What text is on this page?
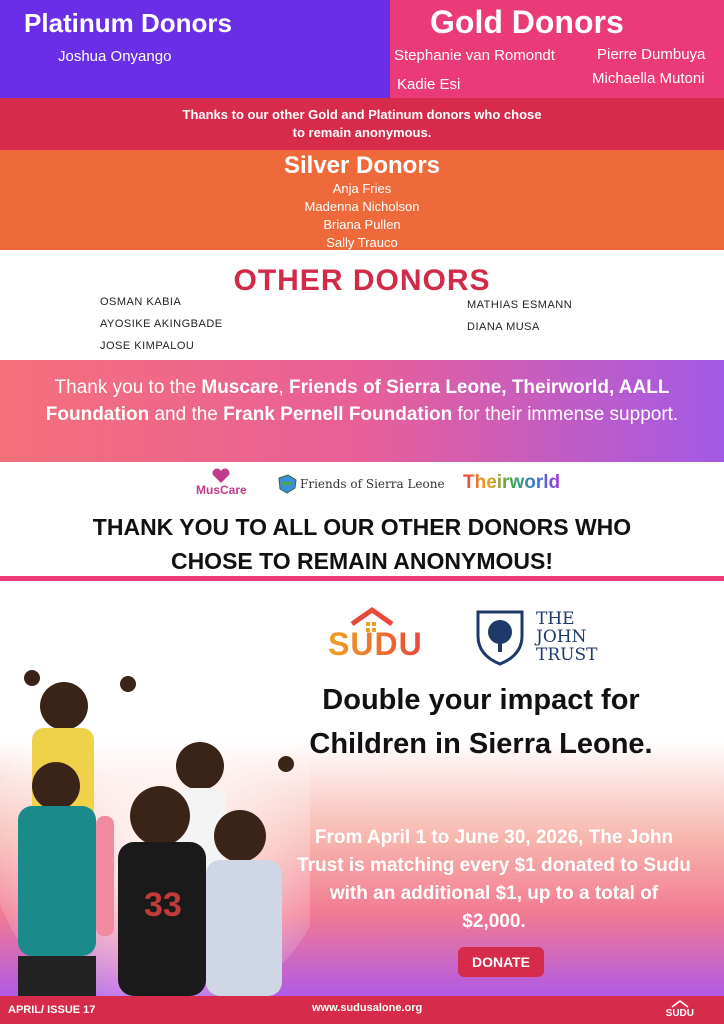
Platinum Donors
Joshua Onyango
Gold Donors
Stephanie van Romondt	Pierre Dumbuya
Kadie Esi	Michaella Mutoni
Thanks to our other Gold and Platinum donors who chose
to remain anonymous.
Silver Donors
Anja Fries
Madenna Nicholson
Briana Pullen
Sally Trauco
OTHER DONORS
OSMAN KABIA
AYOSIKE AKINGBADE
JOSE KIMPALOU
MATHIAS ESMANN
DIANA MUSA
Thank you to the Muscare, Friends of Sierra Leone, Theirworld, AALL Foundation and the Frank Pernell Foundation for their immense support.
MusCare	Friends of Sierra Leone Theirworld
THANK YOU TO ALL OUR OTHER DONORS WHO
CHOSE TO REMAIN ANONYMOUS!
SUDU
THE
JOHN
TRUST
33
Double your impact for Children in Sierra Leone.
From April 1 to June 30, 2026, The John Trust is matching every $1 donated to Sudu with an additional $1, up to a total of $2,000.
DONATE
APRIL/ ISSUE 17	www.sudusalone.org	SUDU
